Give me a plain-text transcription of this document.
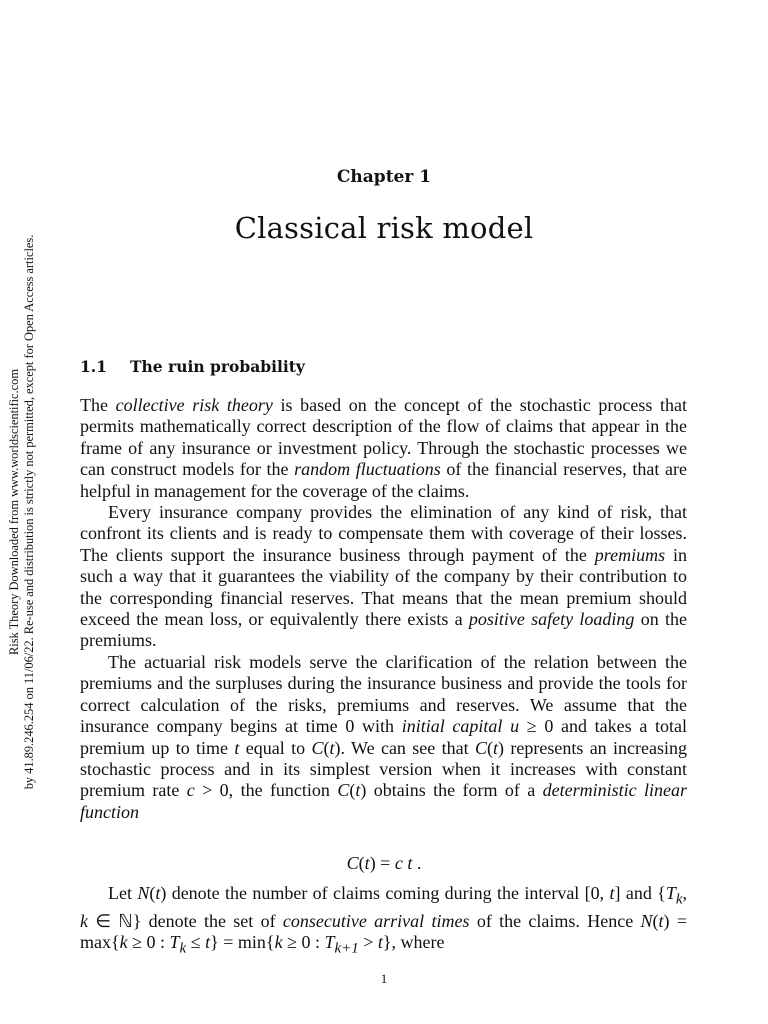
Risk Theory Downloaded from www.worldscientific.com by 41.89.246.254 on 11/06/22. Re-use and distribution is strictly not permitted, except for Open Access articles.
Chapter 1
Classical risk model
1.1 The ruin probability

The collective risk theory is based on the concept of the stochastic process that permits mathematically correct description of the flow of claims that appear in the frame of any insurance or investment policy. Through the stochastic processes we can construct models for the random fluctuations of the financial reserves, that are helpful in management for the coverage of the claims.

Every insurance company provides the elimination of any kind of risk, that confront its clients and is ready to compensate them with coverage of their losses. The clients support the insurance business through payment of the premiums in such a way that it guarantees the viability of the company by their contribution to the corresponding financial reserves. That means that the mean premium should exceed the mean loss, or equivalently there exists a positive safety loading on the premiums.

The actuarial risk models serve the clarification of the relation between the premiums and the surpluses during the insurance business and provide the tools for correct calculation of the risks, premiums and reserves. We assume that the insurance company begins at time 0 with initial capital u ≥ 0 and takes a total premium up to time t equal to C(t). We can see that C(t) represents an increasing stochastic process and in its simplest version when it increases with constant premium rate c > 0, the function C(t) obtains the form of a deterministic linear function

C(t) = c t .

Let N(t) denote the number of claims coming during the interval [0, t] and {$T_k$, k ∈ ℕ} denote the set of consecutive arrival times of the claims. Hence N(t) = max{k ≥ 0 : $T_k \le t\} = \min\{k \ge 0$ : $T_{k+1} > t$}, where

1
